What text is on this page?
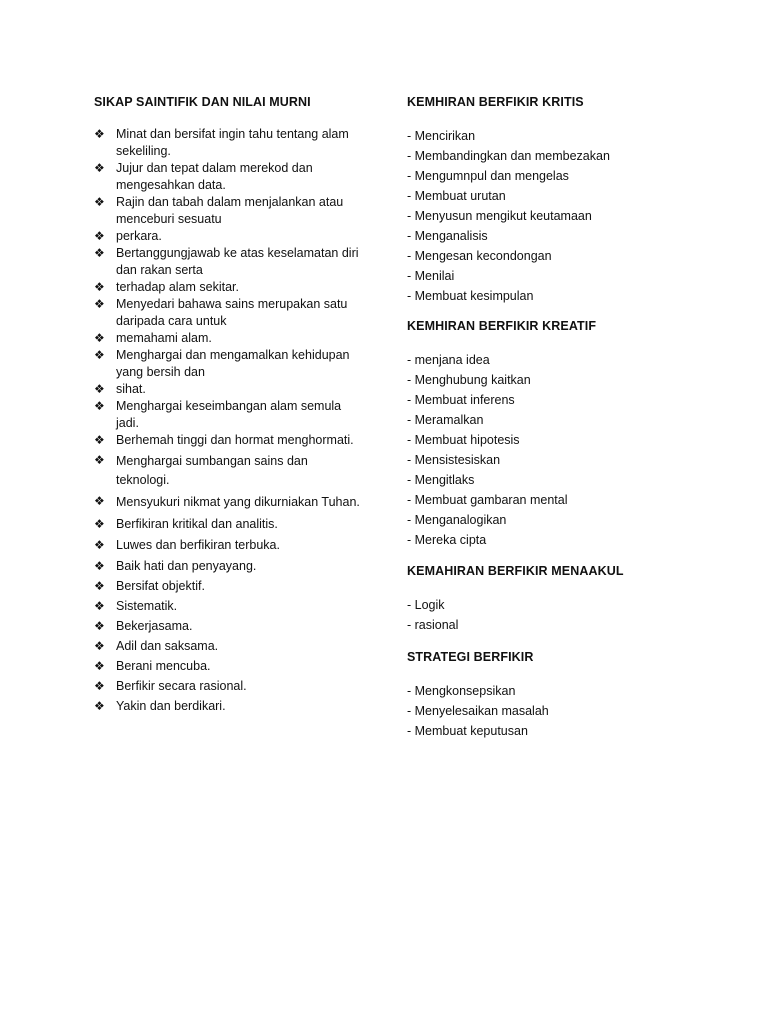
SIKAP SAINTIFIK DAN NILAI MURNI
❖ Minat dan bersifat ingin tahu tentang alam sekeliling.
❖ Jujur dan tepat dalam merekod dan mengesahkan data.
❖ Rajin dan tabah dalam menjalankan atau menceburi sesuatu
❖ perkara.
❖ Bertanggungjawab ke atas keselamatan diri dan rakan serta
❖ terhadap alam sekitar.
❖ Menyedari bahawa sains merupakan satu daripada cara untuk
❖ memahami alam.
❖ Menghargai dan mengamalkan kehidupan yang bersih dan
❖ sihat.
❖ Menghargai keseimbangan alam semula jadi.
❖ Berhemah tinggi dan hormat menghormati.
❖ Menghargai sumbangan sains dan teknologi.
❖ Mensyukuri nikmat yang dikurniakan Tuhan.
❖ Berfikiran kritikal dan analitis.
❖ Luwes dan berfikiran terbuka.
❖ Baik hati dan penyayang.
❖ Bersifat objektif.
❖ Sistematik.
❖ Bekerjasama.
❖ Adil dan saksama.
❖ Berani mencuba.
❖ Berfikir secara rasional.
❖ Yakin dan berdikari.
KEMHIRAN BERFIKIR KRITIS
- Mencirikan
- Membandingkan dan membezakan
- Mengumnpul dan mengelas
- Membuat urutan
- Menyusun mengikut keutamaan
- Menganalisis
- Mengesan kecondongan
- Menilai
- Membuat kesimpulan
KEMHIRAN BERFIKIR KREATIF
- menjana idea
- Menghubung kaitkan
- Membuat inferens
- Meramalkan
- Membuat hipotesis
- Mensistesiskan
- Mengitlaks
- Membuat gambaran mental
- Menganalogikan
- Mereka cipta
KEMAHIRAN BERFIKIR MENAAKUL
- Logik
- rasional
STRATEGI BERFIKIR
- Mengkonsepsikan
- Menyelesaikan masalah
- Membuat keputusan
